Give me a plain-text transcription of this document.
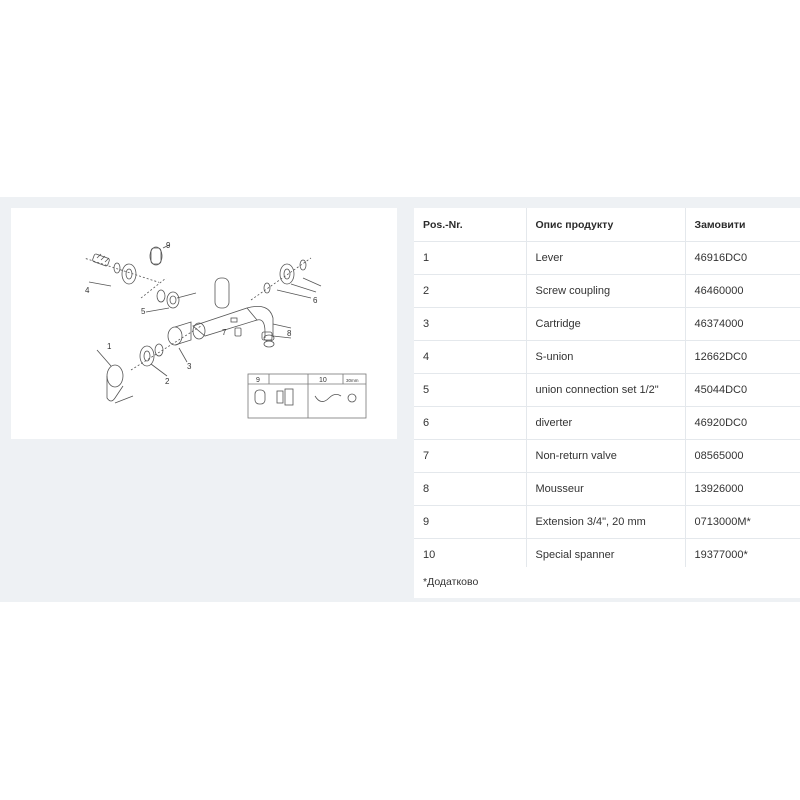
9
4
5
6
7	8
1
2
3
9	10	30mm
Pos.-Nr.	Опис продукту	Замовити
1	Lever	46916DC0
2	Screw coupling	46460000
3	Cartridge	46374000
4	S-union	12662DC0
5	union connection set 1/2"	45044DC0
6	diverter	46920DC0
7	Non-return valve	08565000
8	Mousseur	13926000
9	Extension 3/4", 20 mm	0713000M*
10	Special spanner	19377000*
*Додатково
